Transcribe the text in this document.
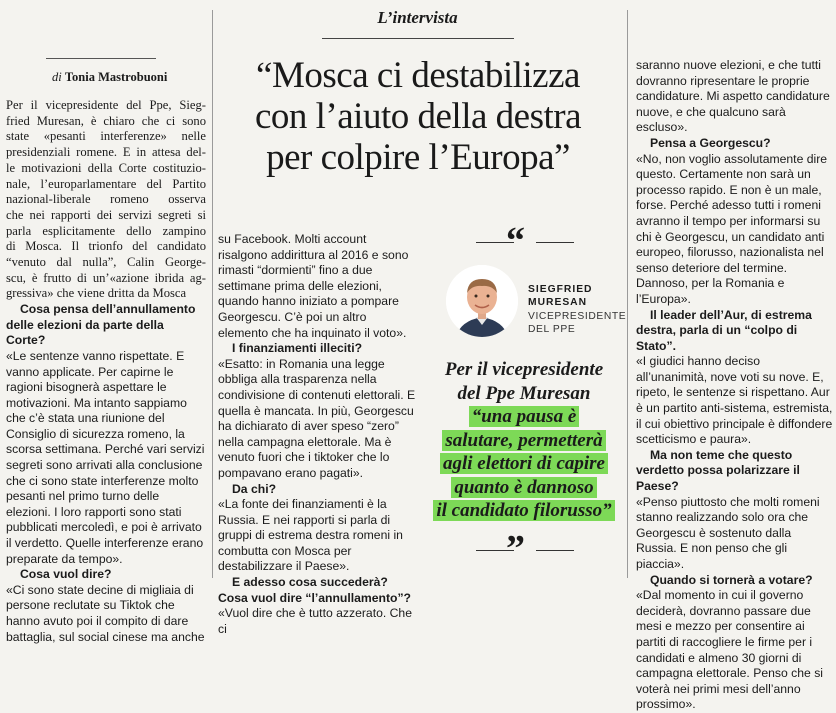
di Tonia Mastrobuoni
Per il vicepresidente del Ppe, Sieg-
fried Muresan, è chiaro che ci sono
state «pesanti interferenze» nelle
presidenziali romene. E in attesa del-
le motivazioni della Corte costituzio-
nale, l’europarlamentare del Partito
nazional-liberale romeno osserva
che nei rapporti dei servizi segreti si
parla esplicitamente dello zampino
di Mosca. Il trionfo del candidato
“venuto dal nulla”, Calin George-
scu, è frutto di un’«azione ibrida ag-
gressiva» che viene dritta da Mosca
Cosa pensa dell’annullamento delle elezioni da parte della Corte?
«Le sentenze vanno rispettate. E vanno applicate. Per capirne le ragioni bisognerà aspettare le motivazioni. Ma intanto sappiamo che c’è stata una riunione del Consiglio di sicurezza romeno, la scorsa settimana. Perché vari servizi segreti sono arrivati alla conclusione che ci sono state interferenze molto pesanti nel primo turno delle elezioni. I loro rapporti sono stati pubblicati mercoledì, e poi è arrivato il verdetto. Quelle interferenze erano preparate da tempo».
Cosa vuol dire?
«Ci sono state decine di migliaia di persone reclutate su Tiktok che hanno avuto poi il compito di dare battaglia, sul social cinese ma anche
L’intervista
“Mosca ci destabilizza
con l’aiuto della destra
per colpire l’Europa”
su Facebook. Molti account risalgono addirittura al 2016 e sono rimasti “dormienti” fino a due settimane prima delle elezioni, quando hanno iniziato a pompare Georgescu. C’è poi un altro elemento che ha inquinato il voto».
I finanziamenti illeciti?
«Esatto: in Romania una legge obbliga alla trasparenza nella condivisione di contenuti elettorali. E quella è mancata. In più, Georgescu ha dichiarato di aver speso “zero” nella campagna elettorale. Ma è venuto fuori che i tiktoker che lo pompavano erano pagati».
Da chi?
«La fonte dei finanziamenti è la Russia. E nei rapporti si parla di gruppi di estrema destra romeni in combutta con Mosca per destabilizzare il Paese».
E adesso cosa succederà? Cosa vuol dire “l’annullamento”?
«Vuol dire che è tutto azzerato. Che ci
“
SIEGFRIED
MURESAN
VICEPRESIDENTE
DEL PPE
Per il vicepresidente
del Ppe Muresan
“una pausa è
salutare, permetterà
agli elettori di capire
quanto è dannoso
il candidato filorusso”
”
saranno nuove elezioni, e che tutti dovranno ripresentare le proprie candidature. Mi aspetto candidature nuove, e che qualcuno sarà escluso».
Pensa a Georgescu?
«No, non voglio assolutamente dire questo. Certamente non sarà un processo rapido. E non è un male, forse. Perché adesso tutti i romeni avranno il tempo per informarsi su chi è Georgescu, un candidato anti europeo, filorusso, nazionalista nel senso deteriore del termine. Dannoso, per la Romania e l’Europa».
Il leader dell’Aur, di estrema destra, parla di un “colpo di Stato”.
«I giudici hanno deciso all’unanimità, nove voti su nove. E, ripeto, le sentenze si rispettano. Aur è un partito anti-sistema, estremista, il cui obiettivo principale è diffondere scetticismo e paura».
Ma non teme che questo verdetto possa polarizzare il Paese?
«Penso piuttosto che molti romeni stanno realizzando solo ora che Georgescu è sostenuto dalla Russia. E non penso che gli piaccia».
Quando si tornerà a votare?
«Dal momento in cui il governo deciderà, dovranno passare due mesi e mezzo per consentire ai partiti di raccogliere le firme per i candidati e almeno 30 giorni di campagna elettorale. Penso che si voterà nei primi mesi dell’anno prossimo».
